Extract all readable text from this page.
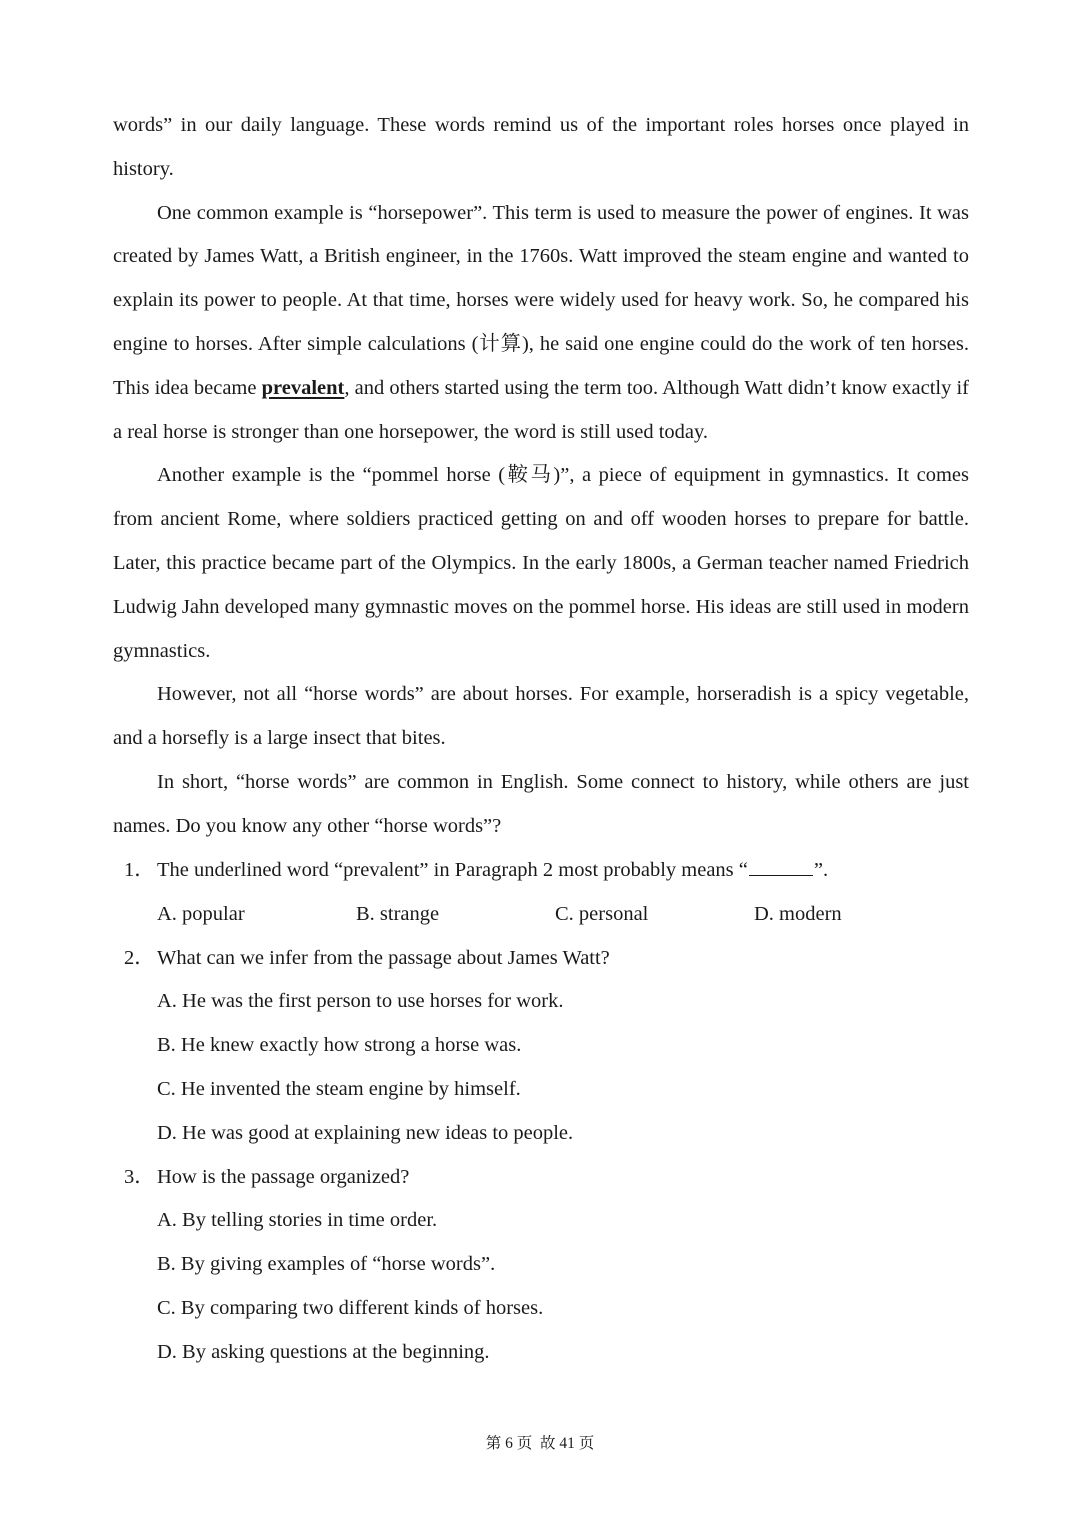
words” in our daily language. These words remind us of the important roles horses once played in history.

One common example is “horsepower”. This term is used to measure the power of engines. It was created by James Watt, a British engineer, in the 1760s. Watt improved the steam engine and wanted to explain its power to people. At that time, horses were widely used for heavy work. So, he compared his engine to horses. After simple calculations (计算), he said one engine could do the work of ten horses. This idea became prevalent, and others started using the term too. Although Watt didn’t know exactly if a real horse is stronger than one horsepower, the word is still used today.

Another example is the “pommel horse (鞍马)”, a piece of equipment in gymnastics. It comes from ancient Rome, where soldiers practiced getting on and off wooden horses to prepare for battle. Later, this practice became part of the Olympics. In the early 1800s, a German teacher named Friedrich Ludwig Jahn developed many gymnastic moves on the pommel horse. His ideas are still used in modern gymnastics.

However, not all “horse words” are about horses. For example, horseradish is a spicy vegetable, and a horsefly is a large insect that bites.

In short, “horse words” are common in English. Some connect to history, while others are just names. Do you know any other “horse words”?

1 ．	The underlined word “prevalent” in Paragraph 2 most probably means “	”.
A. popular	B. strange	C. personal	D. modern
2 ．	What can we infer from the passage about James Watt?
A. He was the first person to use horses for work.
B. He knew exactly how strong a horse was.
C. He invented the steam engine by himself.
D. He was good at explaining new ideas to people.
3 ．	How is the passage organized?
A. By telling stories in time order.
B. By giving examples of “horse words”.
C. By comparing two different kinds of horses.
D. By asking questions at the beginning.
第 6 页  故 41 页
